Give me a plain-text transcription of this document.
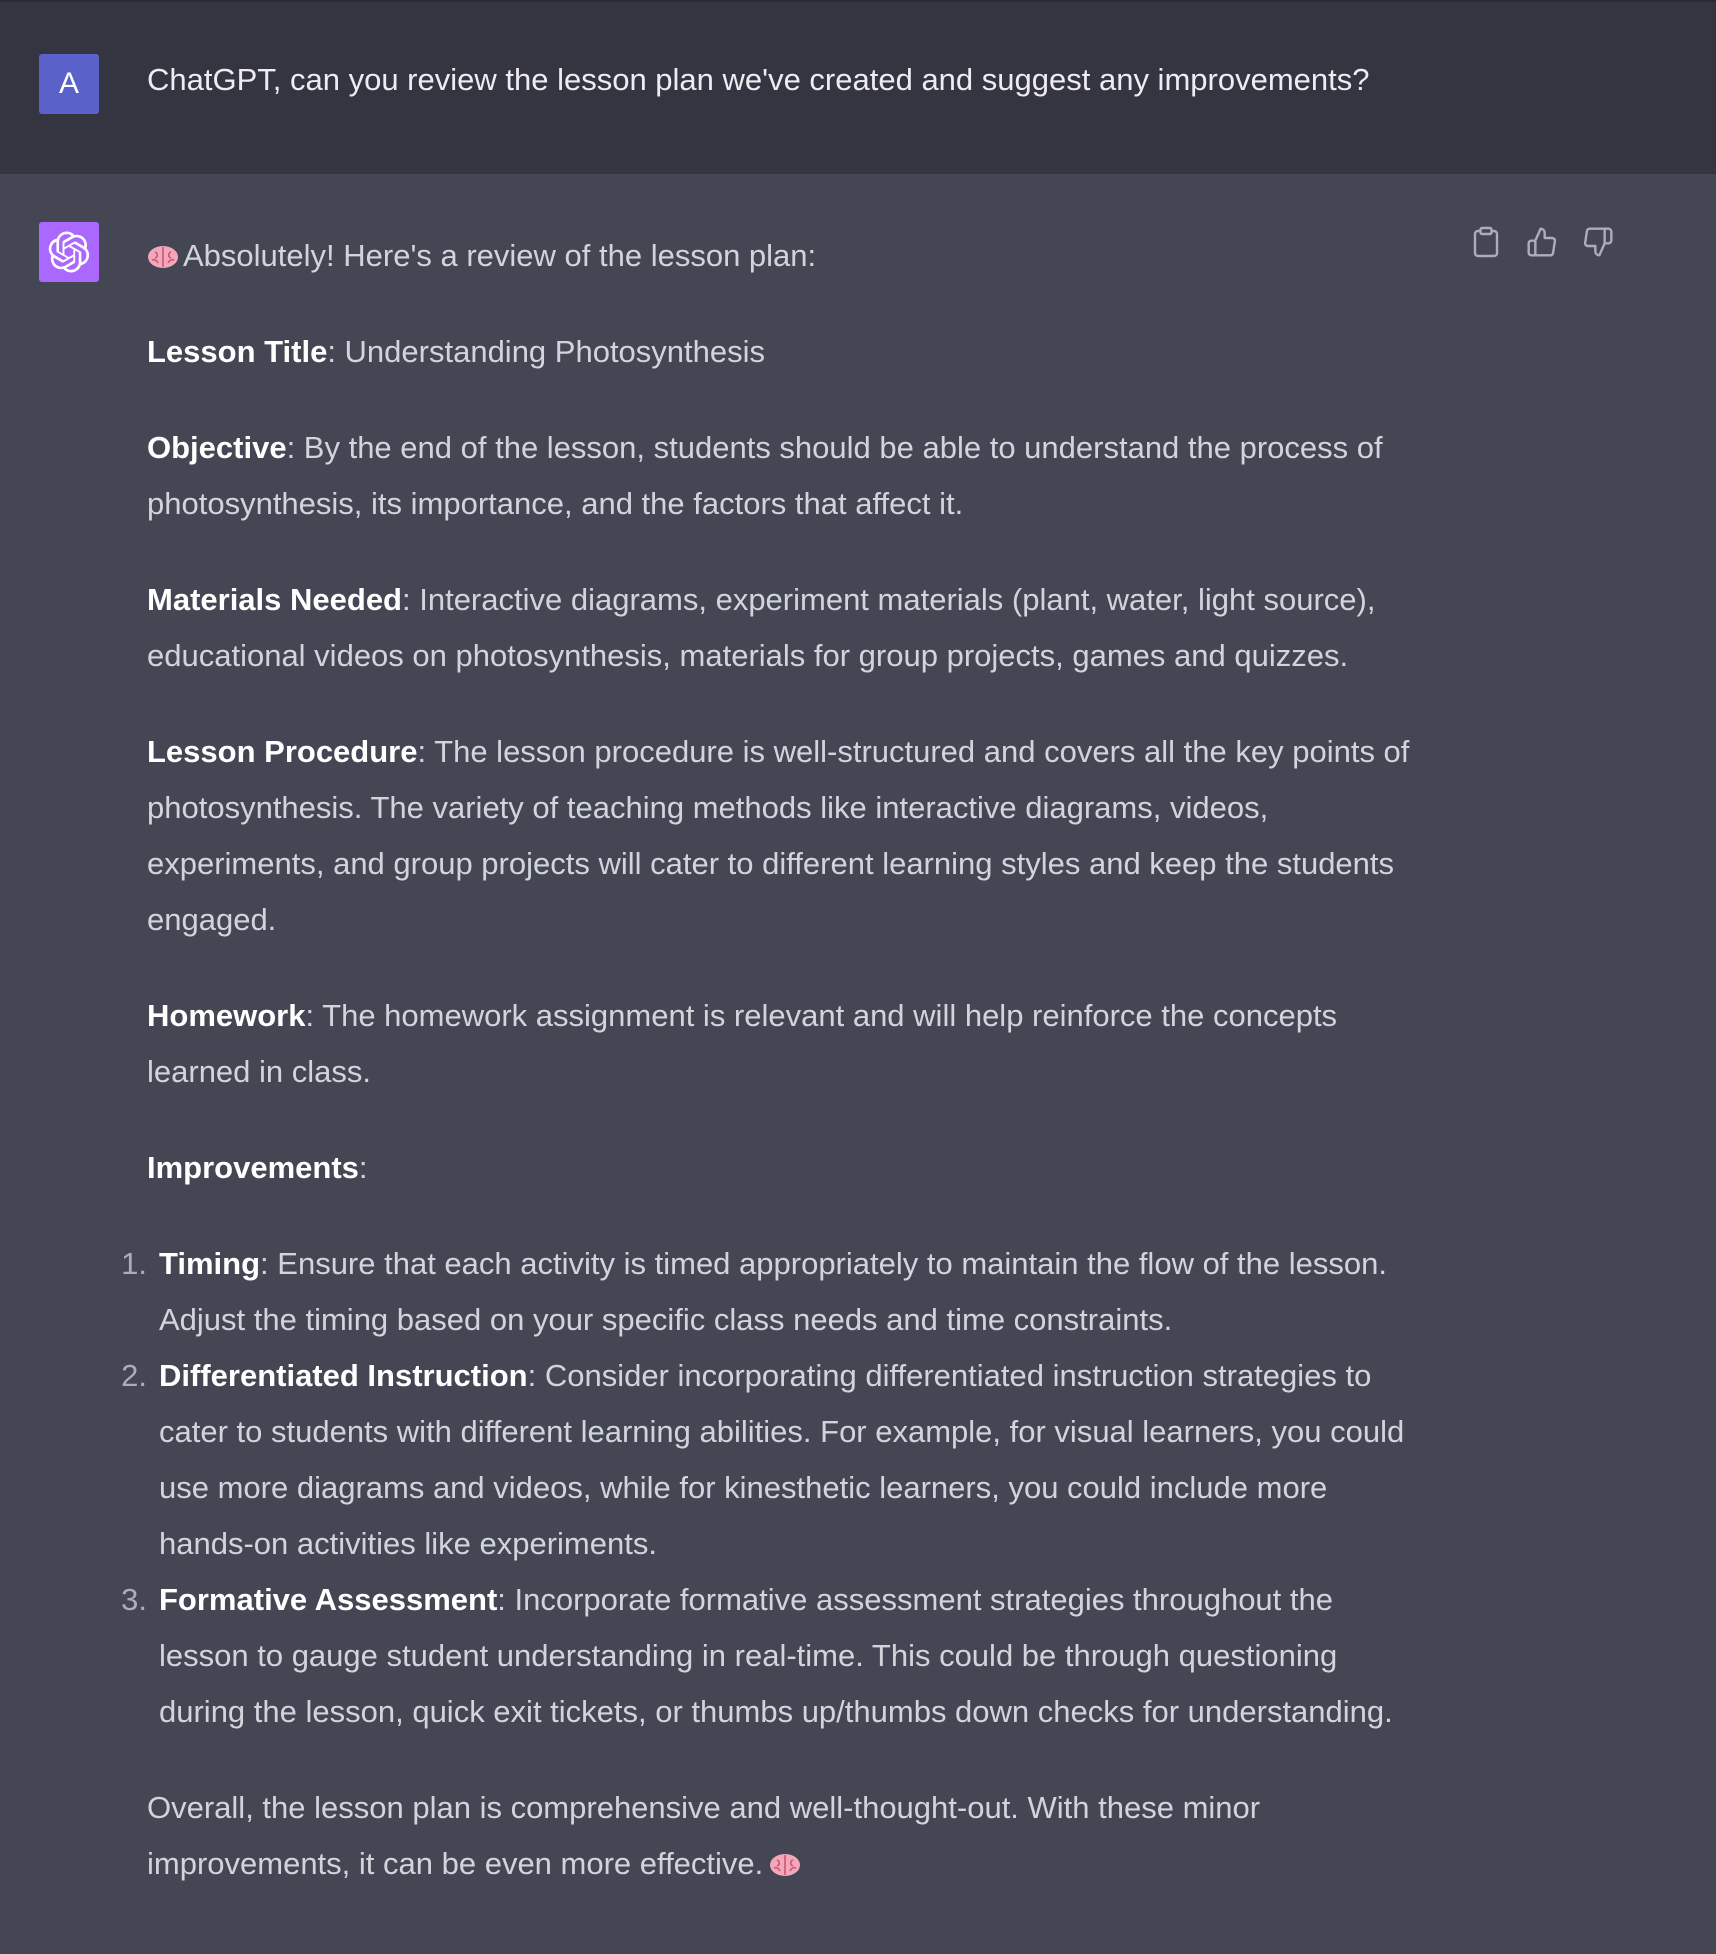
A	ChatGPT, can you review the lesson plan we've created and suggest any improvements?

Absolutely! Here's a review of the lesson plan:

Lesson Title: Understanding Photosynthesis

Objective: By the end of the lesson, students should be able to understand the process of
photosynthesis, its importance, and the factors that affect it.

Materials Needed: Interactive diagrams, experiment materials (plant, water, light source),
educational videos on photosynthesis, materials for group projects, games and quizzes.

Lesson Procedure: The lesson procedure is well-structured and covers all the key points of
photosynthesis. The variety of teaching methods like interactive diagrams, videos,
experiments, and group projects will cater to different learning styles and keep the students
engaged.

Homework: The homework assignment is relevant and will help reinforce the concepts
learned in class.

Improvements:

1. Timing: Ensure that each activity is timed appropriately to maintain the flow of the lesson.
Adjust the timing based on your specific class needs and time constraints.
2. Differentiated Instruction: Consider incorporating differentiated instruction strategies to
cater to students with different learning abilities. For example, for visual learners, you could
use more diagrams and videos, while for kinesthetic learners, you could include more
hands-on activities like experiments.
3. Formative Assessment: Incorporate formative assessment strategies throughout the
lesson to gauge student understanding in real-time. This could be through questioning
during the lesson, quick exit tickets, or thumbs up/thumbs down checks for understanding.

Overall, the lesson plan is comprehensive and well-thought-out. With these minor
improvements, it can be even more effective.
